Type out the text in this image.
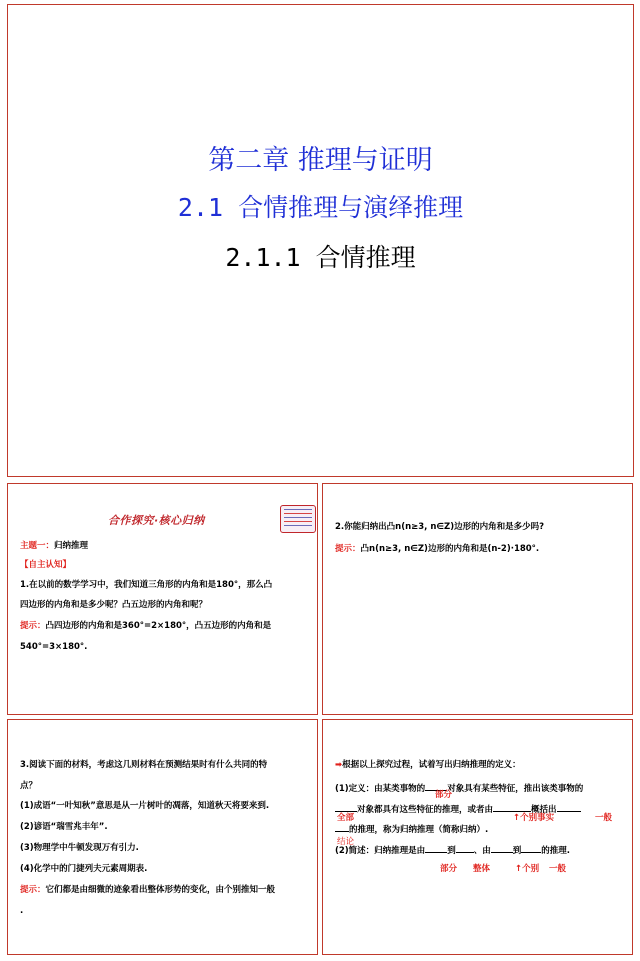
第二章 推理与证明
2.1 合情推理与演绎推理
2.1.1 合情推理
合作探究·核心归纳
主题一：归纳推理
【自主认知】
1.在以前的数学学习中，我们知道三角形的内角和是180°，那么凸
四边形的内角和是多少呢？凸五边形的内角和呢？
提示：凸四边形的内角和是360°=2×180°，凸五边形的内角和是
540°=3×180°.
2.你能归纳出凸n(n≥3, n∈Z)边形的内角和是多少吗?
提示：凸n(n≥3, n∈Z)边形的内角和是(n-2)·180°.
3.阅读下面的材料，考虑这几则材料在预测结果时有什么共同的特
点？
(1)成语“一叶知秋”意思是从一片树叶的凋落，知道秋天将要来到.
(2)谚语“瑞雪兆丰年”.
(3)物理学中牛顿发现万有引力.
(4)化学中的门捷列夫元素周期表.
提示：它们都是由细微的迹象看出整体形势的变化，由个别推知一般
.
➡根据以上探究过程，试着写出归纳推理的定义：
(1)定义：由某类事物的	对象具有某些特征，推出该类事物的
部分
对象都具有这些特征的推理，或者由	概括出
全部	↑个别事实	一般
的推理，称为归纳推理（简称归纳）.
结论
(2)简述：归纳推理是由	到 、由	到 的推理.
部分 整体	↑个别 一般
